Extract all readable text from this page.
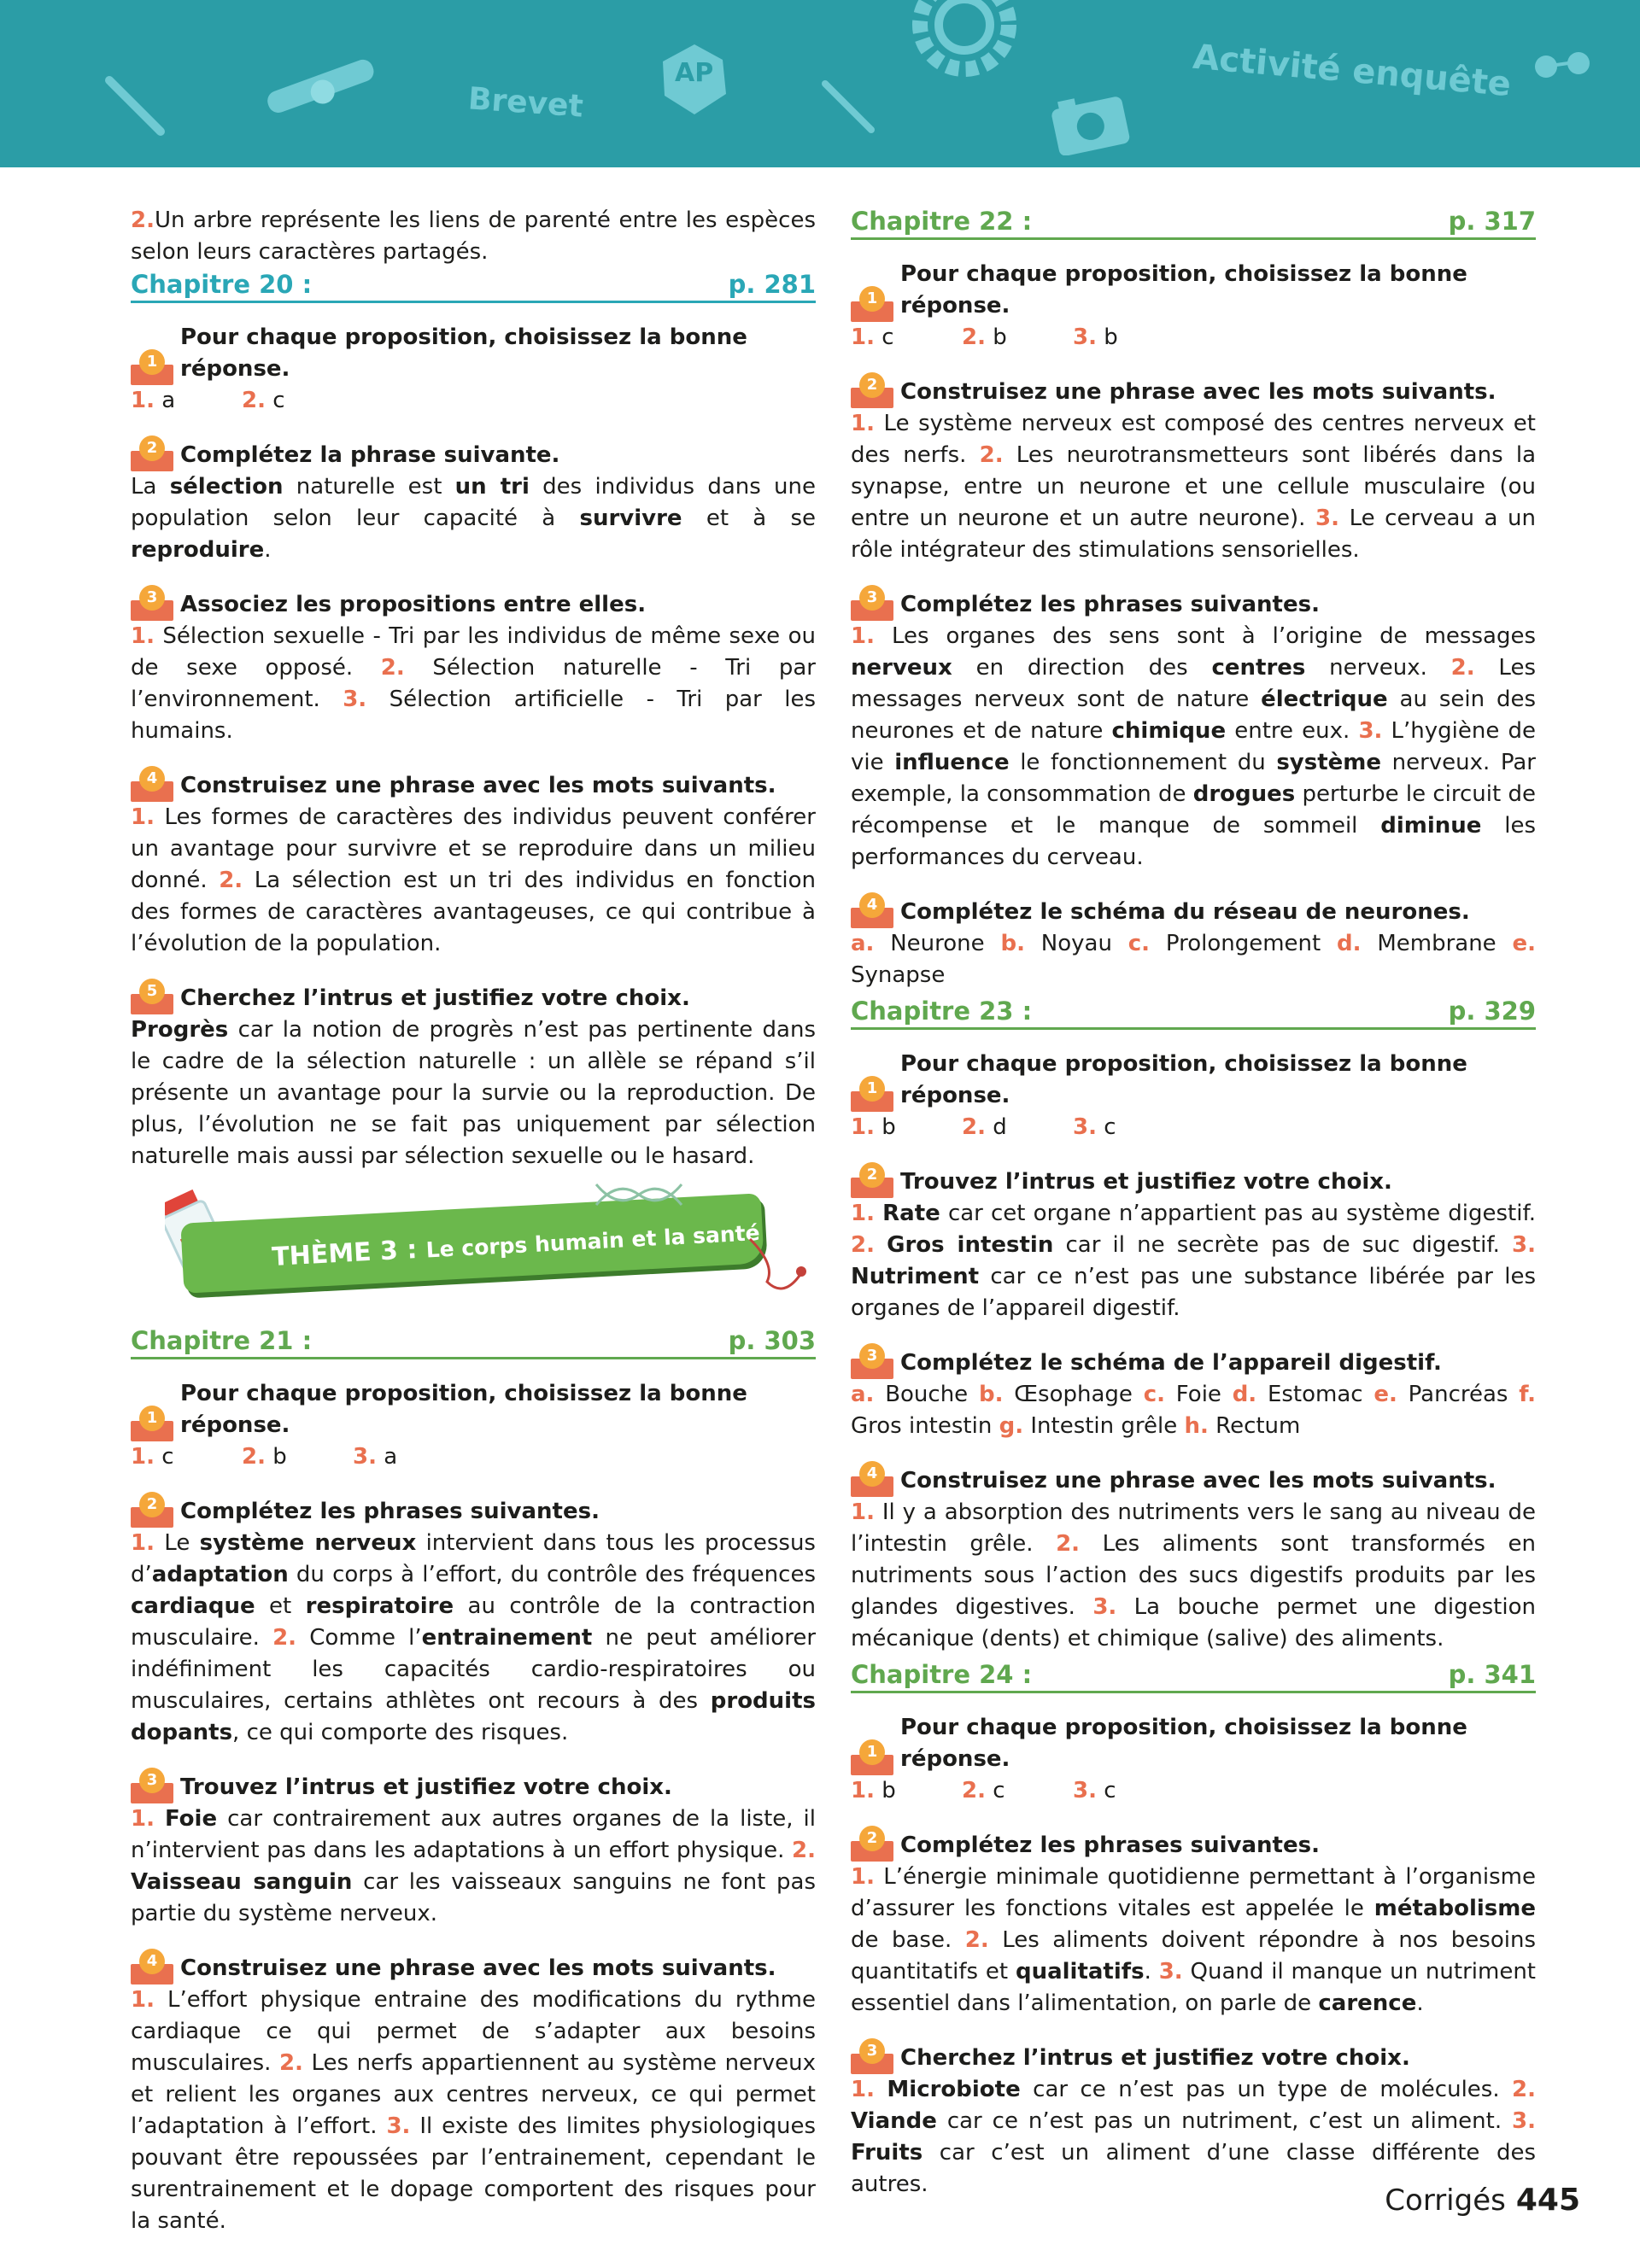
Brevet
AP	Activité enquête

2.Un arbre représente les liens de parenté entre les espèces selon leurs caractères partagés.

Chapitre 20 :	p. 281
1
Pour chaque proposition, choisissez la bonne réponse.
1. a	2. c
2	Complétez la phrase suivante.

La sélection naturelle est un tri des individus dans une population selon leur capacité à survivre et à se reproduire.

3	Associez les propositions entre elles.

1. Sélection sexuelle - Tri par les individus de même sexe ou de sexe opposé. 2. Sélection naturelle - Tri par l’environnement. 3. Sélection artificielle - Tri par les humains.

4	Construisez une phrase avec les mots suivants.

1. Les formes de caractères des individus peuvent conférer un avantage pour survivre et se reproduire dans un milieu donné. 2. La sélection est un tri des individus en fonction des formes de caractères avantageuses, ce qui contribue à l’évolution de la population.

5	Cherchez l’intrus et justifiez votre choix.

Progrès car la notion de progrès n’est pas pertinente dans le cadre de la sélection naturelle : un allèle se répand s’il présente un avantage pour la survie ou la reproduction. De plus, l’évolution ne se fait pas uniquement par sélection naturelle mais aussi par sélection sexuelle ou le hasard.

THÈME 3 : Le corps humain et la santé
Chapitre 21 :	p. 303
1
Pour chaque proposition, choisissez la bonne réponse.
1. c	2. b	3. a
2	Complétez les phrases suivantes.

1. Le système nerveux intervient dans tous les processus d’adaptation du corps à l’effort, du contrôle des fréquences cardiaque et respiratoire au contrôle de la contraction musculaire. 2. Comme l’entrainement ne peut améliorer indéfiniment les capacités cardio-respiratoires ou musculaires, certains athlètes ont recours à des produits dopants, ce qui comporte des risques.

3	Trouvez l’intrus et justifiez votre choix.

1. Foie car contrairement aux autres organes de la liste, il n’intervient pas dans les adaptations à un effort physique. 2. Vaisseau sanguin car les vaisseaux sanguins ne font pas partie du système nerveux.

4	Construisez une phrase avec les mots suivants.

1. L’effort physique entraine des modifications du rythme cardiaque ce qui permet de s’adapter aux besoins musculaires. 2. Les nerfs appartiennent au système nerveux et relient les organes aux centres nerveux, ce qui permet l’adaptation à l’effort. 3. Il existe des limites physiologiques pouvant être repoussées par l’entrainement, cependant le surentrainement et le dopage comportent des risques pour la santé.

Chapitre 22 :	p. 317
1
Pour chaque proposition, choisissez la bonne réponse.
1. c	2. b	3. b
2	Construisez une phrase avec les mots suivants.

1. Le système nerveux est composé des centres nerveux et des nerfs. 2. Les neurotransmetteurs sont libérés dans la synapse, entre un neurone et une cellule musculaire (ou entre un neurone et un autre neurone). 3. Le cerveau a un rôle intégrateur des stimulations sensorielles.

3	Complétez les phrases suivantes.

1. Les organes des sens sont à l’origine de messages nerveux en direction des centres nerveux. 2. Les messages nerveux sont de nature électrique au sein des neurones et de nature chimique entre eux. 3. L’hygiène de vie influence le fonctionnement du système nerveux. Par exemple, la consommation de drogues perturbe le circuit de récompense et le manque de sommeil diminue les performances du cerveau.

4	Complétez le schéma du réseau de neurones.

a. Neurone b. Noyau c. Prolongement d. Membrane e. Synapse

Chapitre 23 :	p. 329
1
Pour chaque proposition, choisissez la bonne réponse.
1. b	2. d	3. c
2	Trouvez l’intrus et justifiez votre choix.

1. Rate car cet organe n’appartient pas au système digestif. 2. Gros intestin car il ne secrète pas de suc digestif. 3. Nutriment car ce n’est pas une substance libérée par les organes de l’appareil digestif.

3	Complétez le schéma de l’appareil digestif.

a. Bouche b. Œsophage c. Foie d. Estomac e. Pancréas f. Gros intestin g. Intestin grêle h. Rectum

4	Construisez une phrase avec les mots suivants.

1. Il y a absorption des nutriments vers le sang au niveau de l’intestin grêle. 2. Les aliments sont transformés en nutriments sous l’action des sucs digestifs produits par les glandes digestives. 3. La bouche permet une digestion mécanique (dents) et chimique (salive) des aliments.

Chapitre 24 :	p. 341
1
Pour chaque proposition, choisissez la bonne réponse.
1. b	2. c	3. c
2	Complétez les phrases suivantes.

1. L’énergie minimale quotidienne permettant à l’organisme d’assurer les fonctions vitales est appelée le métabolisme de base. 2. Les aliments doivent répondre à nos besoins quantitatifs et qualitatifs. 3. Quand il manque un nutriment essentiel dans l’alimentation, on parle de carence.

3	Cherchez l’intrus et justifiez votre choix.

1. Microbiote car ce n’est pas un type de molécules. 2. Viande car ce n’est pas un nutriment, c’est un aliment. 3. Fruits car c’est un aliment d’une classe différente des autres.	Corrigés 445
